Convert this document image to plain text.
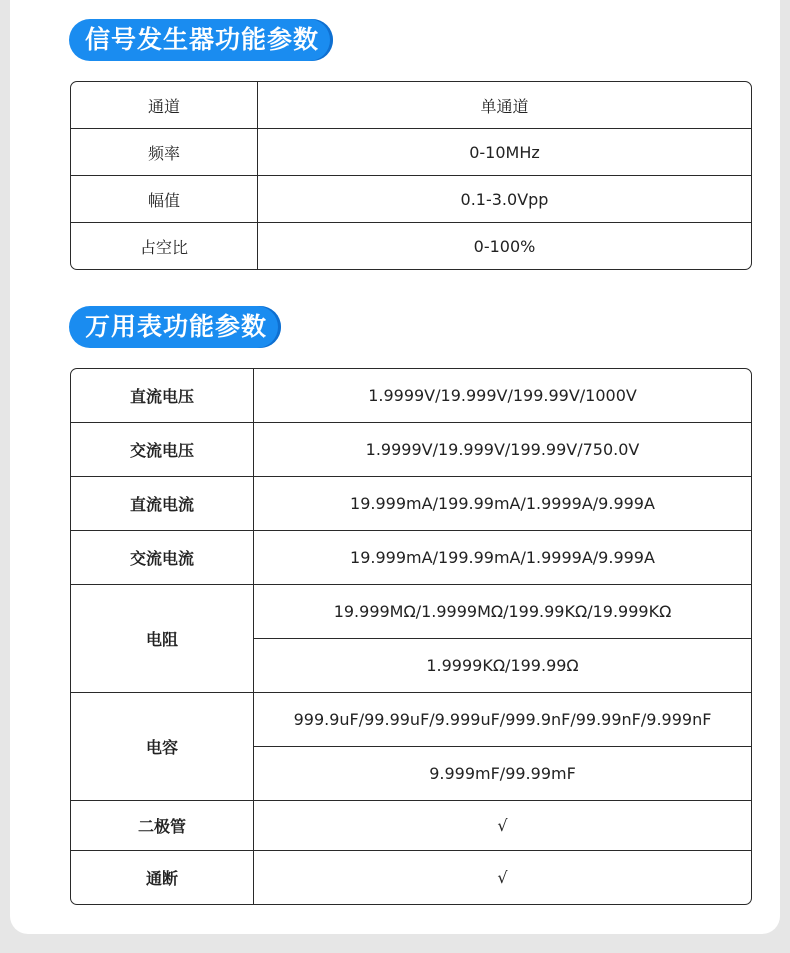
信号发生器功能参数
通道	单通道
频率	0-10MHz
幅值	0.1-3.0Vpp
占空比	0-100%
万用表功能参数
直流电压	1.9999V/19.999V/199.99V/1000V
交流电压	1.9999V/19.999V/199.99V/750.0V
直流电流	19.999mA/199.99mA/1.9999A/9.999A
交流电流	19.999mA/199.99mA/1.9999A/9.999A
电阻	19.999MΩ/1.9999MΩ/199.99KΩ/19.999KΩ
	1.9999KΩ/199.99Ω
电容	999.9uF/99.99uF/9.999uF/999.9nF/99.99nF/9.999nF
	9.999mF/99.99mF
二极管	√
通断	√
